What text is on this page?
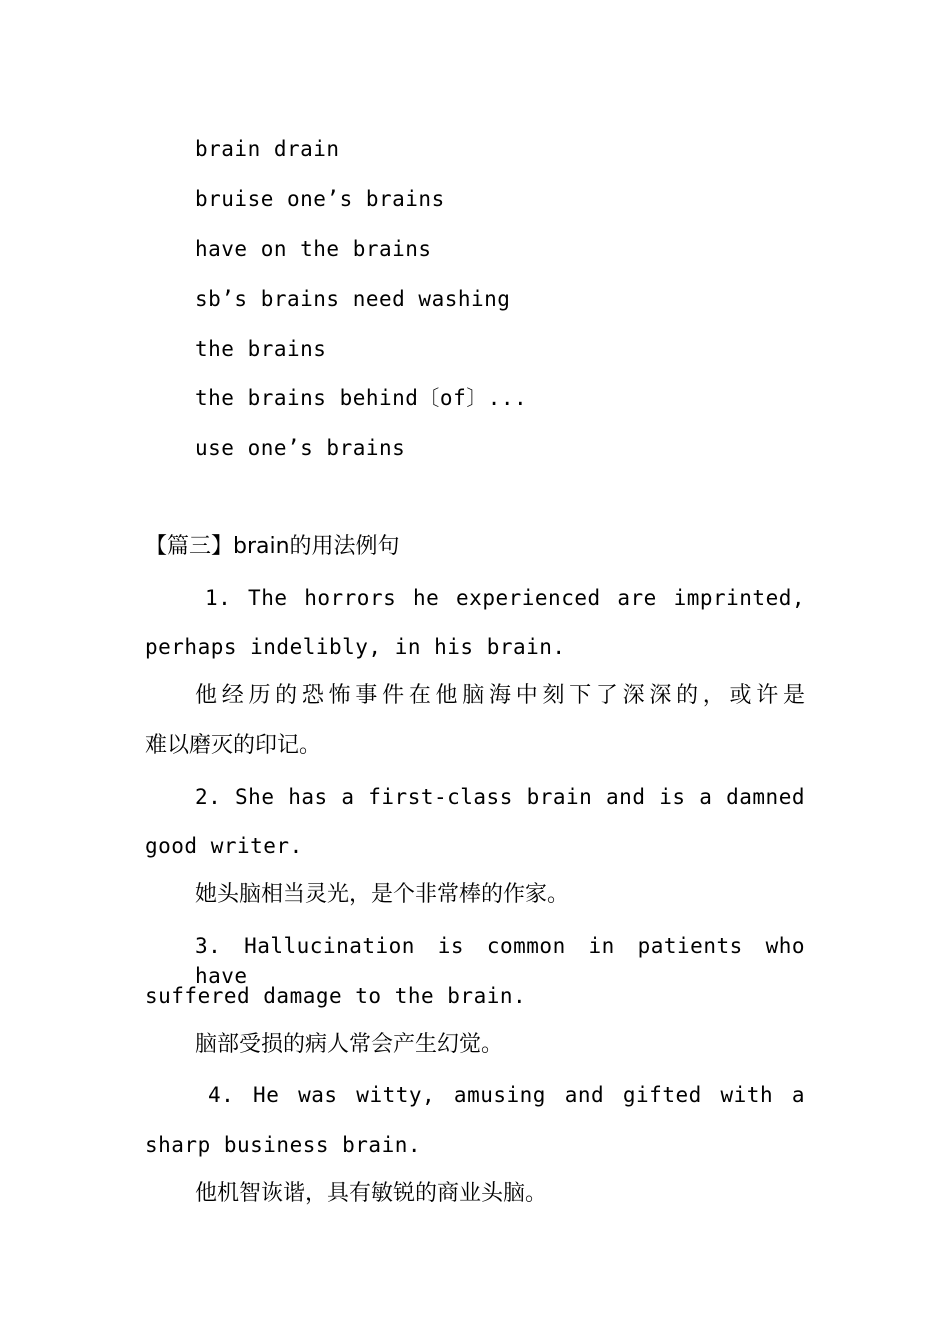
brain drain
bruise one’s brains
have on the brains
sb’s brains need washing
the brains
the brains behind〔of〕...
use one’s brains
【篇三】brain的用法例句
1. The horrors he experienced are imprinted,
perhaps indelibly, in his brain.
他经历的恐怖事件在他脑海中刻下了深深的，或许是
难以磨灭的印记。
2. She has a first-class brain and is a damned
good writer.
她头脑相当灵光，是个非常棒的作家。
3. Hallucination is common in patients who have
suffered damage to the brain.
脑部受损的病人常会产生幻觉。
4. He was witty, amusing and gifted with a
sharp business brain.
他机智诙谐，具有敏锐的商业头脑。
